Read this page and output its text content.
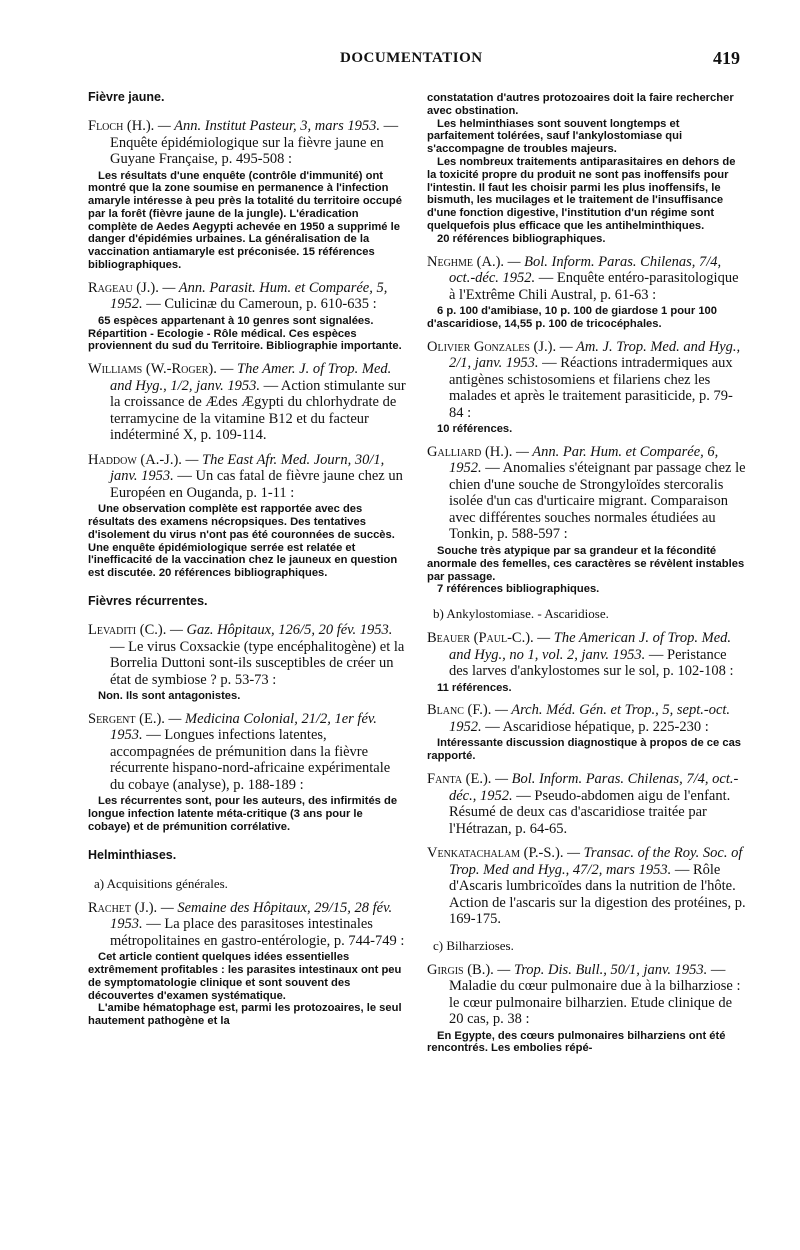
DOCUMENTATION	419
Fièvre jaune.
Floch (H.). — Ann. Institut Pasteur, 3, mars 1953. — Enquête épidémiologique sur la fièvre jaune en Guyane Française, p. 495-508 :

Les résultats d'une enquête (contrôle d'immunité) ont montré que la zone soumise en permanence à l'infection amaryle intéresse à peu près la totalité du territoire occupé par la forêt (fièvre jaune de la jungle). L'éradication complète de Aedes Aegypti achevée en 1950 a supprimé le danger d'épidémies urbaines. La généralisation de la vaccination antiamaryle est préconisée. 15 références bibliographiques.

Rageau (J.). — Ann. Parasit. Hum. et Comparée, 5, 1952. — Culicinæ du Cameroun, p. 610-635 :

65 espèces appartenant à 10 genres sont signalées. Répartition - Ecologie - Rôle médical. Ces espèces proviennent du sud du Territoire. Bibliographie importante.

Williams (W.-Roger). — The Amer. J. of Trop. Med. and Hyg., 1/2, janv. 1953. — Action stimulante sur la croissance de Ædes Ægypti du chlorhydrate de terramycine de la vitamine B12 et du facteur indéterminé X, p. 109-114.
Haddow (A.-J.). — The East Afr. Med. Journ, 30/1, janv. 1953. — Un cas fatal de fièvre jaune chez un Européen en Ouganda, p. 1-11 :

Une observation complète est rapportée avec des résultats des examens nécropsiques. Des tentatives d'isolement du virus n'ont pas été couronnées de succès. Une enquête épidémiologique serrée est relatée et l'inefficacité de la vaccination chez le jauneux en question est discutée. 20 références bibliographiques.

Fièvres récurrentes.
Levaditi (C.). — Gaz. Hôpitaux, 126/5, 20 fév. 1953. — Le virus Coxsackie (type encéphalitogène) et la Borrelia Duttoni sont-ils susceptibles de créer un état de symbiose ? p. 53-73 :

Non. Ils sont antagonistes.

Sergent (E.). — Medicina Colonial, 21/2, 1er fév. 1953. — Longues infections latentes, accompagnées de prémunition dans la fièvre récurrente hispano-nord-africaine expérimentale du cobaye (analyse), p. 188-189 :

Les récurrentes sont, pour les auteurs, des infirmités de longue infection latente méta-critique (3 ans pour le cobaye) et de prémunition corrélative.

Helminthiases.
a) Acquisitions générales.
Rachet (J.). — Semaine des Hôpitaux, 29/15, 28 fév. 1953. — La place des parasitoses intestinales métropolitaines en gastro-entérologie, p. 744-749 :

Cet article contient quelques idées essentielles extrêmement profitables : les parasites intestinaux ont peu de symptomatologie clinique et sont souvent des découvertes d'examen systématique.

L'amibe hématophage est, parmi les protozoaires, le seul hautement pathogène et la

constatation d'autres protozoaires doit la faire rechercher avec obstination.

Les helminthiases sont souvent longtemps et parfaitement tolérées, sauf l'ankylostomiase qui s'accompagne de troubles majeurs.

Les nombreux traitements antiparasitaires en dehors de la toxicité propre du produit ne sont pas inoffensifs pour l'intestin. Il faut les choisir parmi les plus inoffensifs, le bismuth, les mucilages et le traitement de l'insuffisance d'une fonction digestive, l'institution d'un régime sont quelquefois plus efficace que les antihelminthiques.

20 références bibliographiques.

Neghme (A.). — Bol. Inform. Paras. Chilenas, 7/4, oct.-déc. 1952. — Enquête entéro-parasitologique à l'Extrême Chili Austral, p. 61-63 :

6 p. 100 d'amibiase, 10 p. 100 de giardose 1 pour 100 d'ascaridiose, 14,55 p. 100 de tricocéphales.

Olivier Gonzales (J.). — Am. J. Trop. Med. and Hyg., 2/1, janv. 1953. — Réactions intradermiques aux antigènes schistosomiens et filariens chez les malades et après le traitement parasiticide, p. 79-84 :

10 références.

Galliard (H.). — Ann. Par. Hum. et Comparée, 6, 1952. — Anomalies s'éteignant par passage chez le chien d'une souche de Strongyloïdes stercoralis isolée d'un cas d'urticaire migrant. Comparaison avec différentes souches normales étudiées au Tonkin, p. 588-597 :

Souche très atypique par sa grandeur et la fécondité anormale des femelles, ces caractères se révèlent instables par passage.

7 références bibliographiques.

b) Ankylostomiase. - Ascaridiose.
Beauer (Paul-C.). — The American J. of Trop. Med. and Hyg., no 1, vol. 2, janv. 1953. — Peristance des larves d'ankylostomes sur le sol, p. 102-108 :

11 références.

Blanc (F.). — Arch. Méd. Gén. et Trop., 5, sept.-oct. 1952. — Ascaridiose hépatique, p. 225-230 :

Intéressante discussion diagnostique à propos de ce cas rapporté.

Fanta (E.). — Bol. Inform. Paras. Chilenas, 7/4, oct.-déc., 1952. — Pseudo-abdomen aigu de l'enfant. Résumé de deux cas d'ascaridiose traitée par l'Hétrazan, p. 64-65.
Venkatachalam (P.-S.). — Transac. of the Roy. Soc. of Trop. Med and Hyg., 47/2, mars 1953. — Rôle d'Ascaris lumbricoïdes dans la nutrition de l'hôte. Action de l'ascaris sur la digestion des protéines, p. 169-175.
c) Bilharzioses.
Girgis (B.). — Trop. Dis. Bull., 50/1, janv. 1953. — Maladie du cœur pulmonaire due à la bilharziose : le cœur pulmonaire bilharzien. Etude clinique de 20 cas, p. 38 :

En Egypte, des cœurs pulmonaires bilharziens ont été rencontrés. Les embolies répé-
